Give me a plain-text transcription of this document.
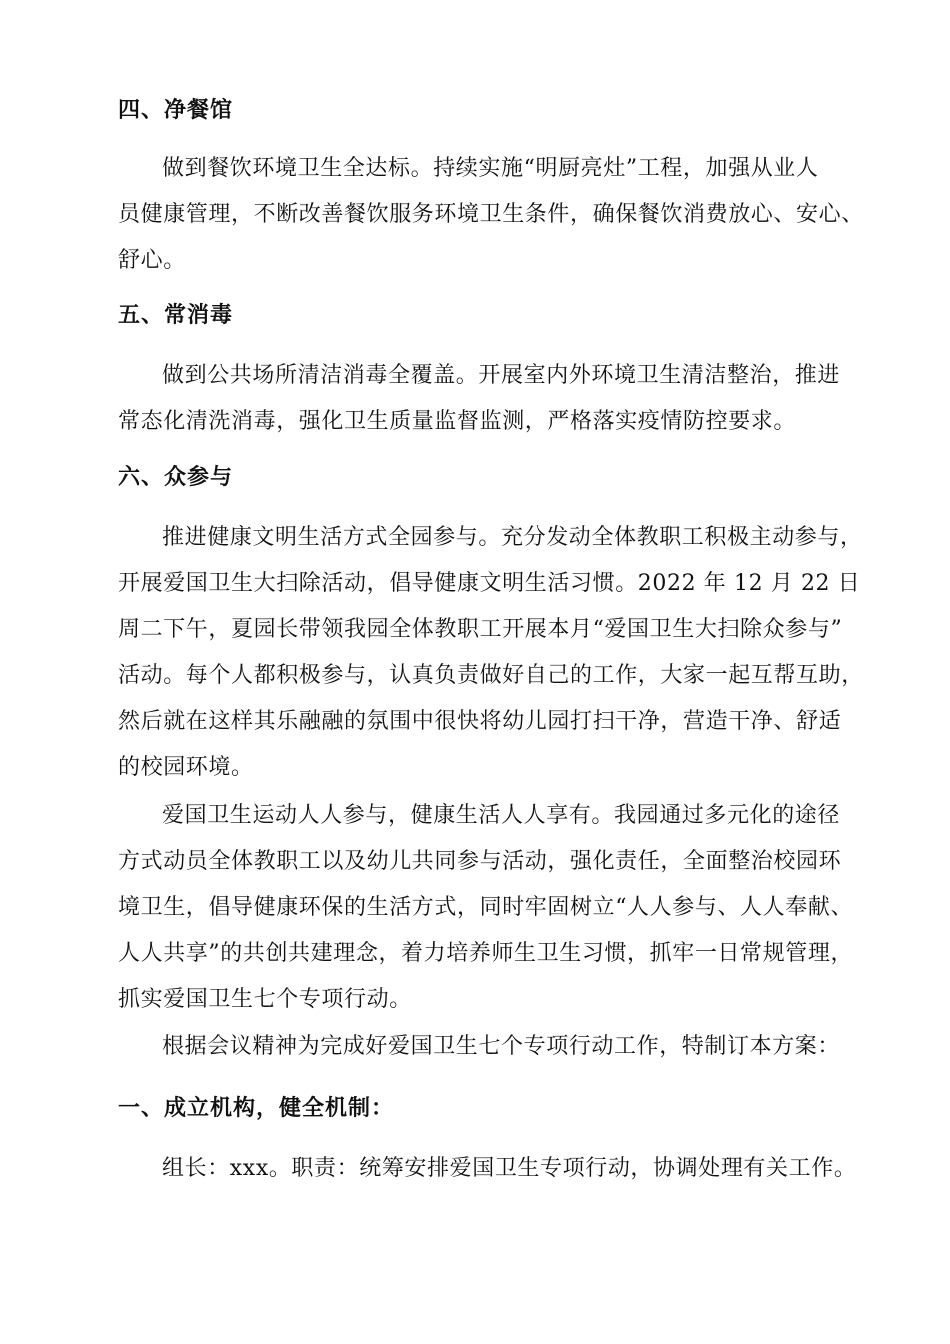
四、净餐馆
做到餐饮环境卫生全达标。持续实施“明厨亮灶”工程，加强从业人
员健康管理，不断改善餐饮服务环境卫生条件，确保餐饮消费放心、安心、
舒心。
五、常消毒
做到公共场所清洁消毒全覆盖。开展室内外环境卫生清洁整治，推进
常态化清洗消毒，强化卫生质量监督监测，严格落实疫情防控要求。
六、众参与
推进健康文明生活方式全园参与。充分发动全体教职工积极主动参与，
开展爱国卫生大扫除活动，倡导健康文明生活习惯。2022 年 12 月 22 日
周二下午，夏园长带领我园全体教职工开展本月“爱国卫生大扫除众参与”
活动。每个人都积极参与，认真负责做好自己的工作，大家一起互帮互助，
然后就在这样其乐融融的氛围中很快将幼儿园打扫干净，营造干净、舒适
的校园环境。
爱国卫生运动人人参与，健康生活人人享有。我园通过多元化的途径
方式动员全体教职工以及幼儿共同参与活动，强化责任，全面整治校园环
境卫生，倡导健康环保的生活方式，同时牢固树立“人人参与、人人奉献、
人人共享”的共创共建理念，着力培养师生卫生习惯，抓牢一日常规管理，
抓实爱国卫生七个专项行动。
根据会议精神为完成好爱国卫生七个专项行动工作，特制订本方案：
一、成立机构，健全机制：
组长：xxx。职责：统筹安排爱国卫生专项行动，协调处理有关工作。
